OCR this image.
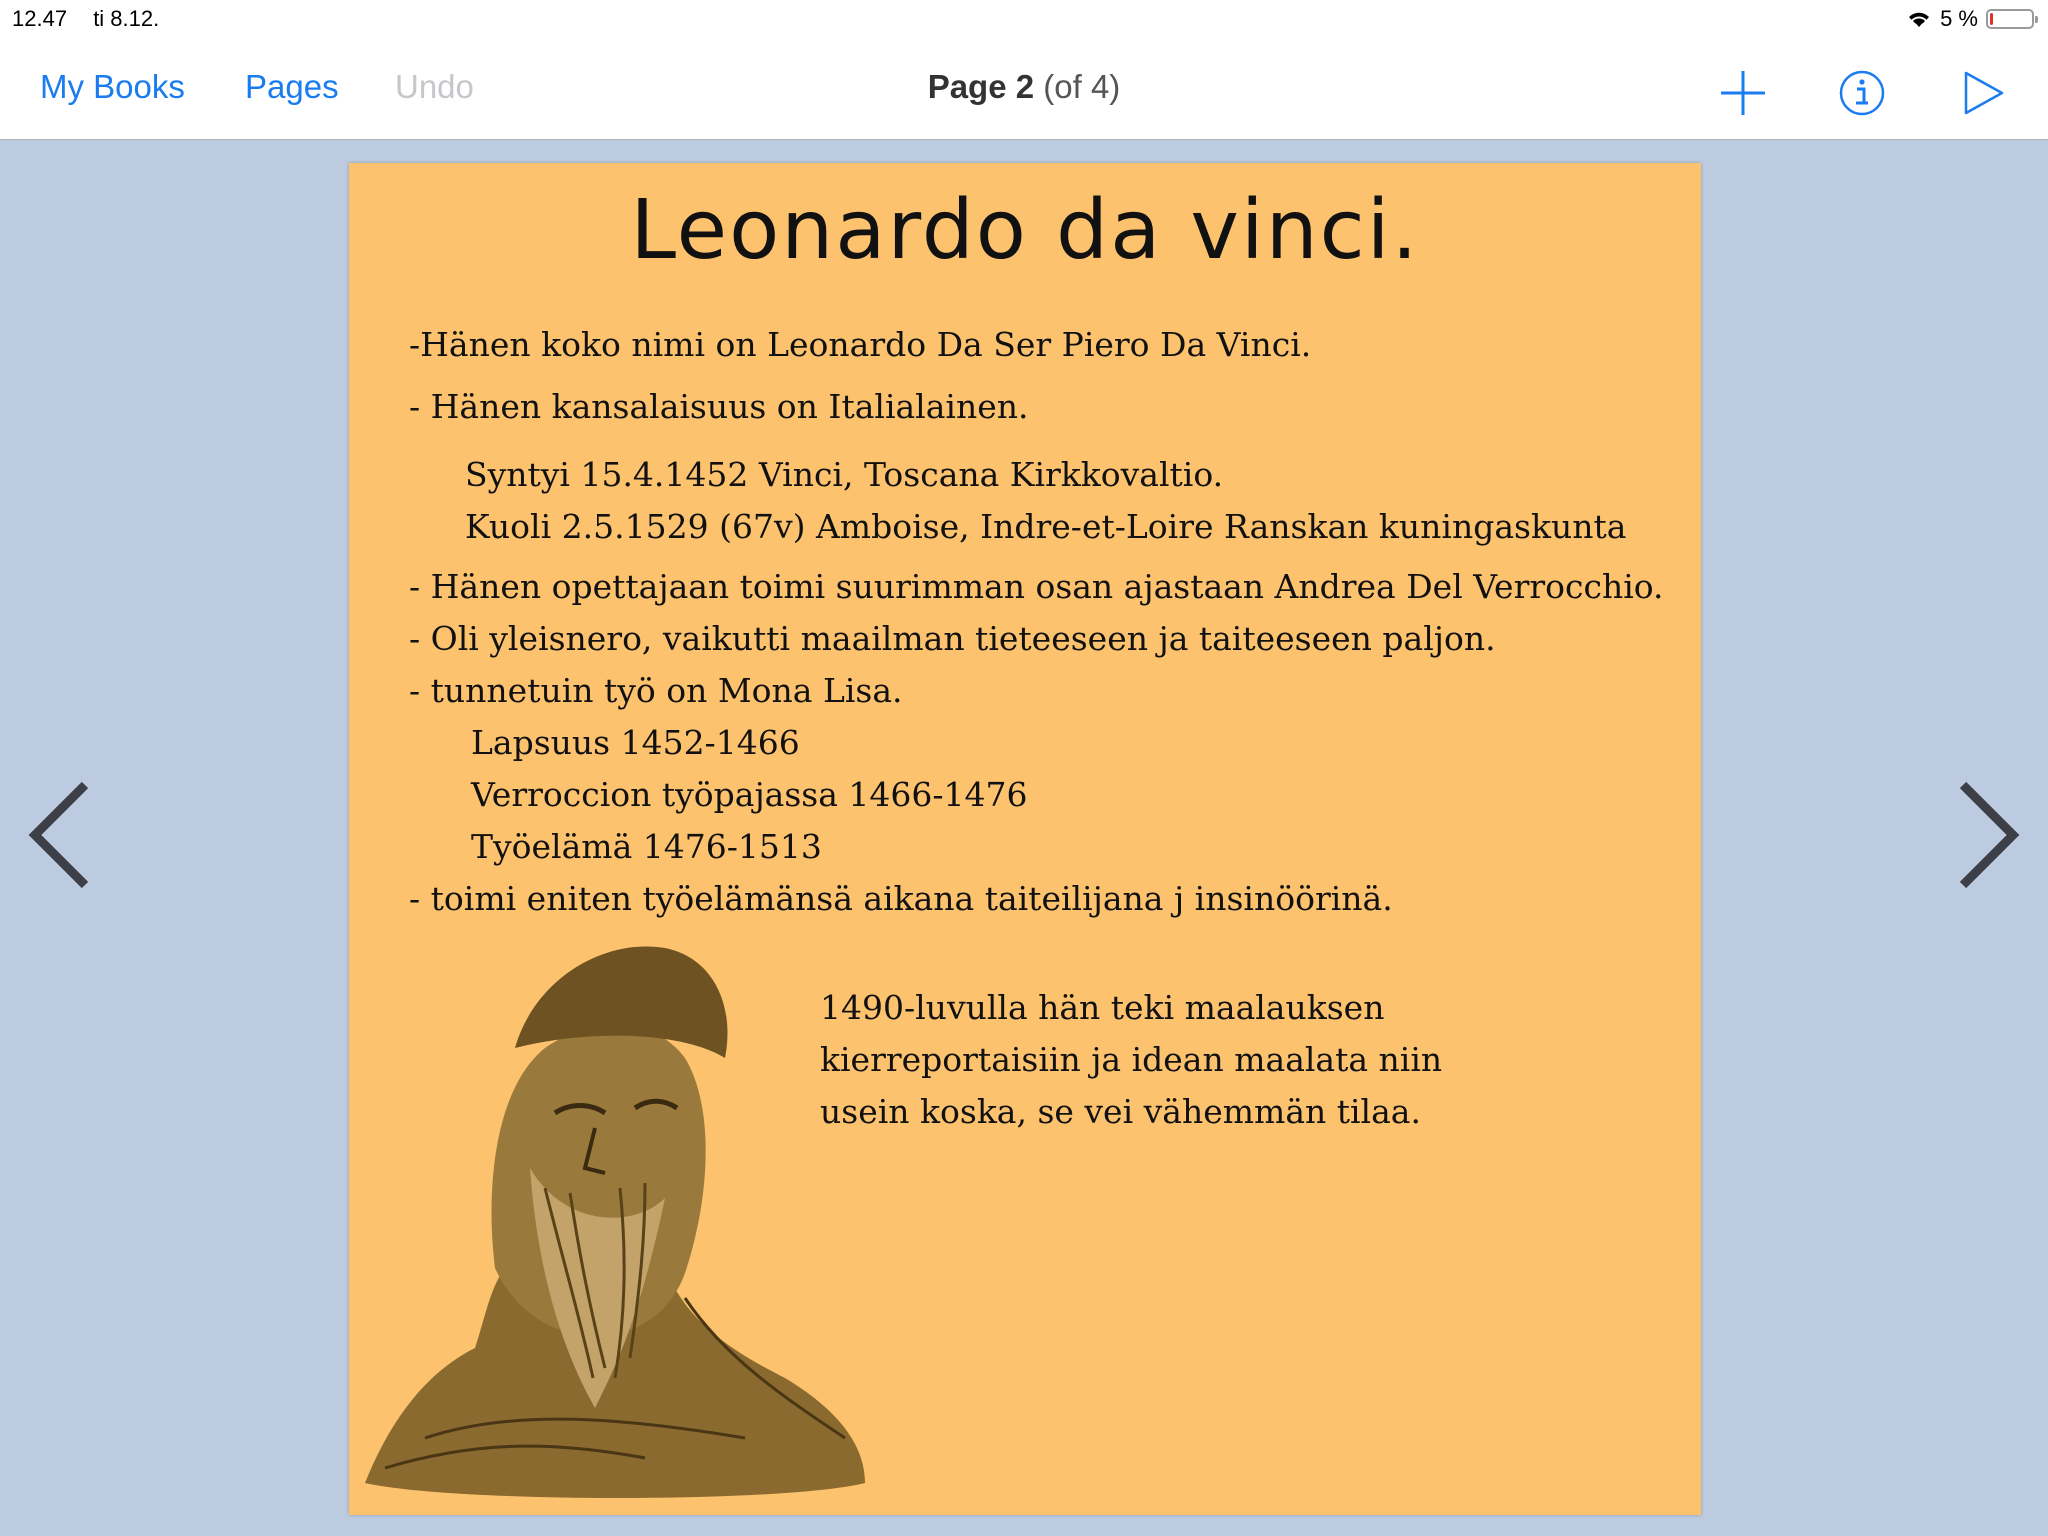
12.47 ti 8.12.	5 %
My Books Pages Undo	Page 2 (of 4)
Leonardo da vinci.
-Hänen koko nimi on Leonardo Da Ser Piero Da Vinci.
- Hänen kansalaisuus on Italialainen.
Syntyi 15.4.1452 Vinci, Toscana Kirkkovaltio.
Kuoli 2.5.1529 (67v) Amboise, Indre-et-Loire Ranskan kuningaskunta
- Hänen opettajaan toimi suurimman osan ajastaan Andrea Del Verrocchio.
- Oli yleisnero, vaikutti maailman tieteeseen ja taiteeseen paljon.
- tunnetuin työ on Mona Lisa.
Lapsuus 1452-1466
Verroccion työpajassa 1466-1476
Työelämä 1476-1513
- toimi eniten työelämänsä aikana taiteilijana j insinöörinä.
1490-luvulla hän teki maalauksen
kierreportaisiin ja idean maalata niin
usein koska, se vei vähemmän tilaa.
